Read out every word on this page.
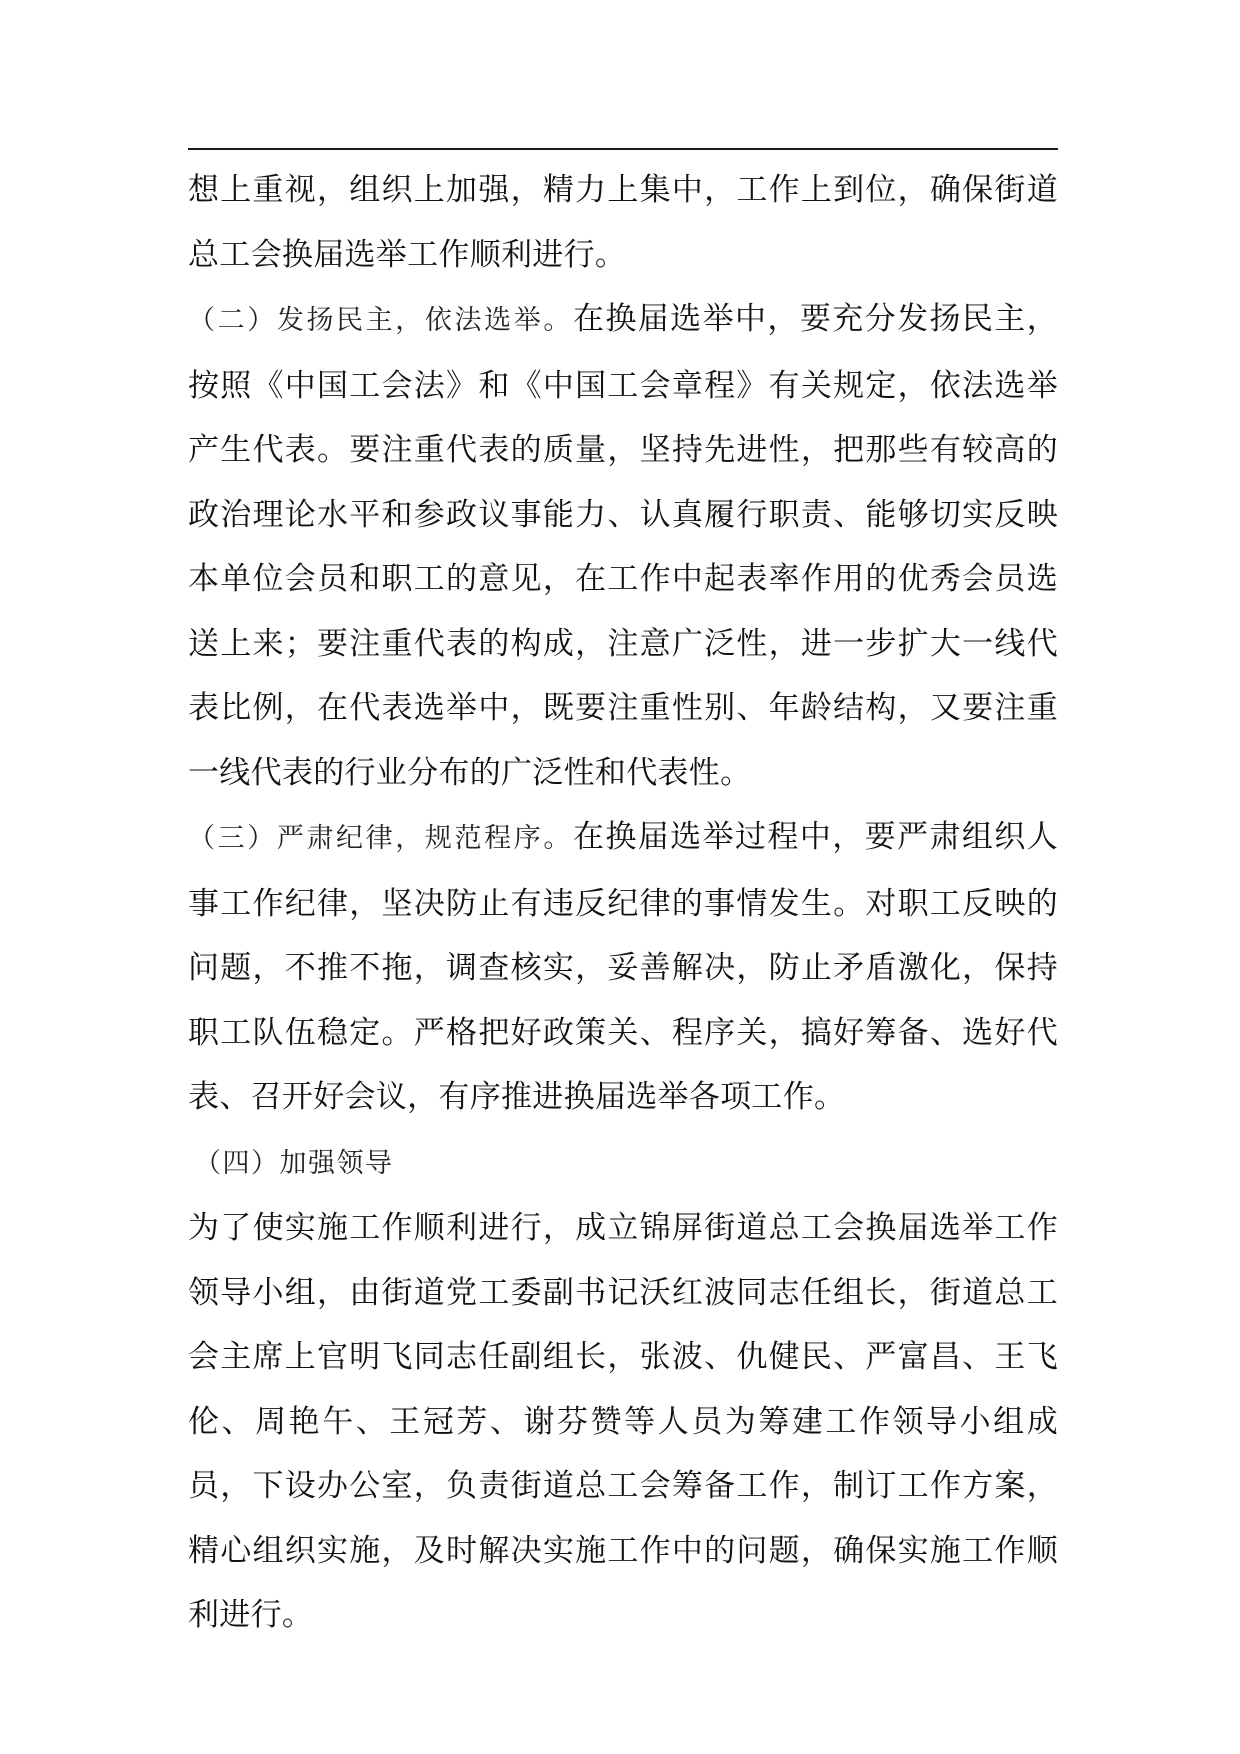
想上重视，组织上加强，精力上集中，工作上到位，确保街道总工会换届选举工作顺利进行。

（二）发扬民主，依法选举。在换届选举中，要充分发扬民主，按照《中国工会法》和《中国工会章程》有关规定，依法选举产生代表。要注重代表的质量，坚持先进性，把那些有较高的政治理论水平和参政议事能力、认真履行职责、能够切实反映本单位会员和职工的意见，在工作中起表率作用的优秀会员选送上来；要注重代表的构成，注意广泛性，进一步扩大一线代表比例，在代表选举中，既要注重性别、年龄结构，又要注重一线代表的行业分布的广泛性和代表性。

（三）严肃纪律，规范程序。在换届选举过程中，要严肃组织人事工作纪律，坚决防止有违反纪律的事情发生。对职工反映的问题，不推不拖，调查核实，妥善解决，防止矛盾激化，保持职工队伍稳定。严格把好政策关、程序关，搞好筹备、选好代表、召开好会议，有序推进换届选举各项工作。

（四）加强领导

为了使实施工作顺利进行，成立锦屏街道总工会换届选举工作领导小组，由街道党工委副书记沃红波同志任组长，街道总工会主席上官明飞同志任副组长，张波、仇健民、严富昌、王飞伦、周艳午、王冠芳、谢芬赞等人员为筹建工作领导小组成员，下设办公室，负责街道总工会筹备工作，制订工作方案，精心组织实施，及时解决实施工作中的问题，确保实施工作顺利进行。
